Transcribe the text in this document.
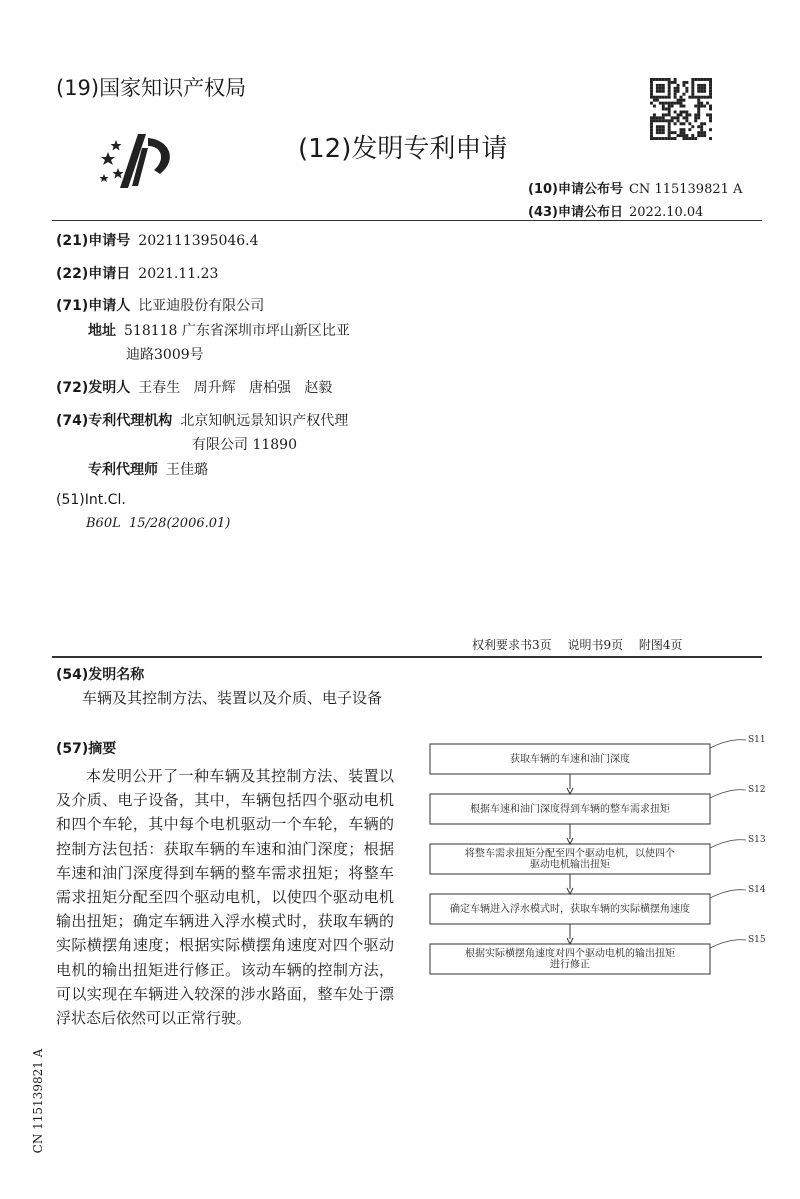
(19)国家知识产权局
(12)发明专利申请
(10)申请公布号 CN 115139821 A
(43)申请公布日 2022.10.04
(21)申请号 202111395046.4
(22)申请日 2021.11.23
(71)申请人 比亚迪股份有限公司
地址 518118 广东省深圳市坪山新区比亚
迪路3009号
(72)发明人 王春生   周升辉   唐柏强   赵毅
(74)专利代理机构 北京知帆远景知识产权代理
有限公司 11890
专利代理师 王佳璐
(51)Int.Cl.
B60L  15/28(2006.01)
权利要求书3页 说明书9页 附图4页
(54)发明名称
车辆及其控制方法、装置以及介质、电子设备
(57)摘要
本发明公开了一种车辆及其控制方法、装置以及介质、电子设备，其中，车辆包括四个驱动电机和四个车轮，其中每个电机驱动一个车轮，车辆的控制方法包括：获取车辆的车速和油门深度；根据车速和油门深度得到车辆的整车需求扭矩；将整车需求扭矩分配至四个驱动电机，以使四个驱动电机输出扭矩；确定车辆进入浮水模式时，获取车辆的实际横摆角速度；根据实际横摆角速度对四个驱动电机的输出扭矩进行修正。该动车辆的控制方法，可以实现在车辆进入较深的涉水路面，整车处于漂浮状态后依然可以正常行驶。
获取车辆的车速和油门深度
S11
根据车速和油门深度得到车辆的整车需求扭矩
S12
将整车需求扭矩分配至四个驱动电机，以使四个
驱动电机输出扭矩
S13
确定车辆进入浮水模式时，获取车辆的实际横摆角速度
S14
根据实际横摆角速度对四个驱动电机的输出扭矩
进行修正
S15
CN 115139821 A
